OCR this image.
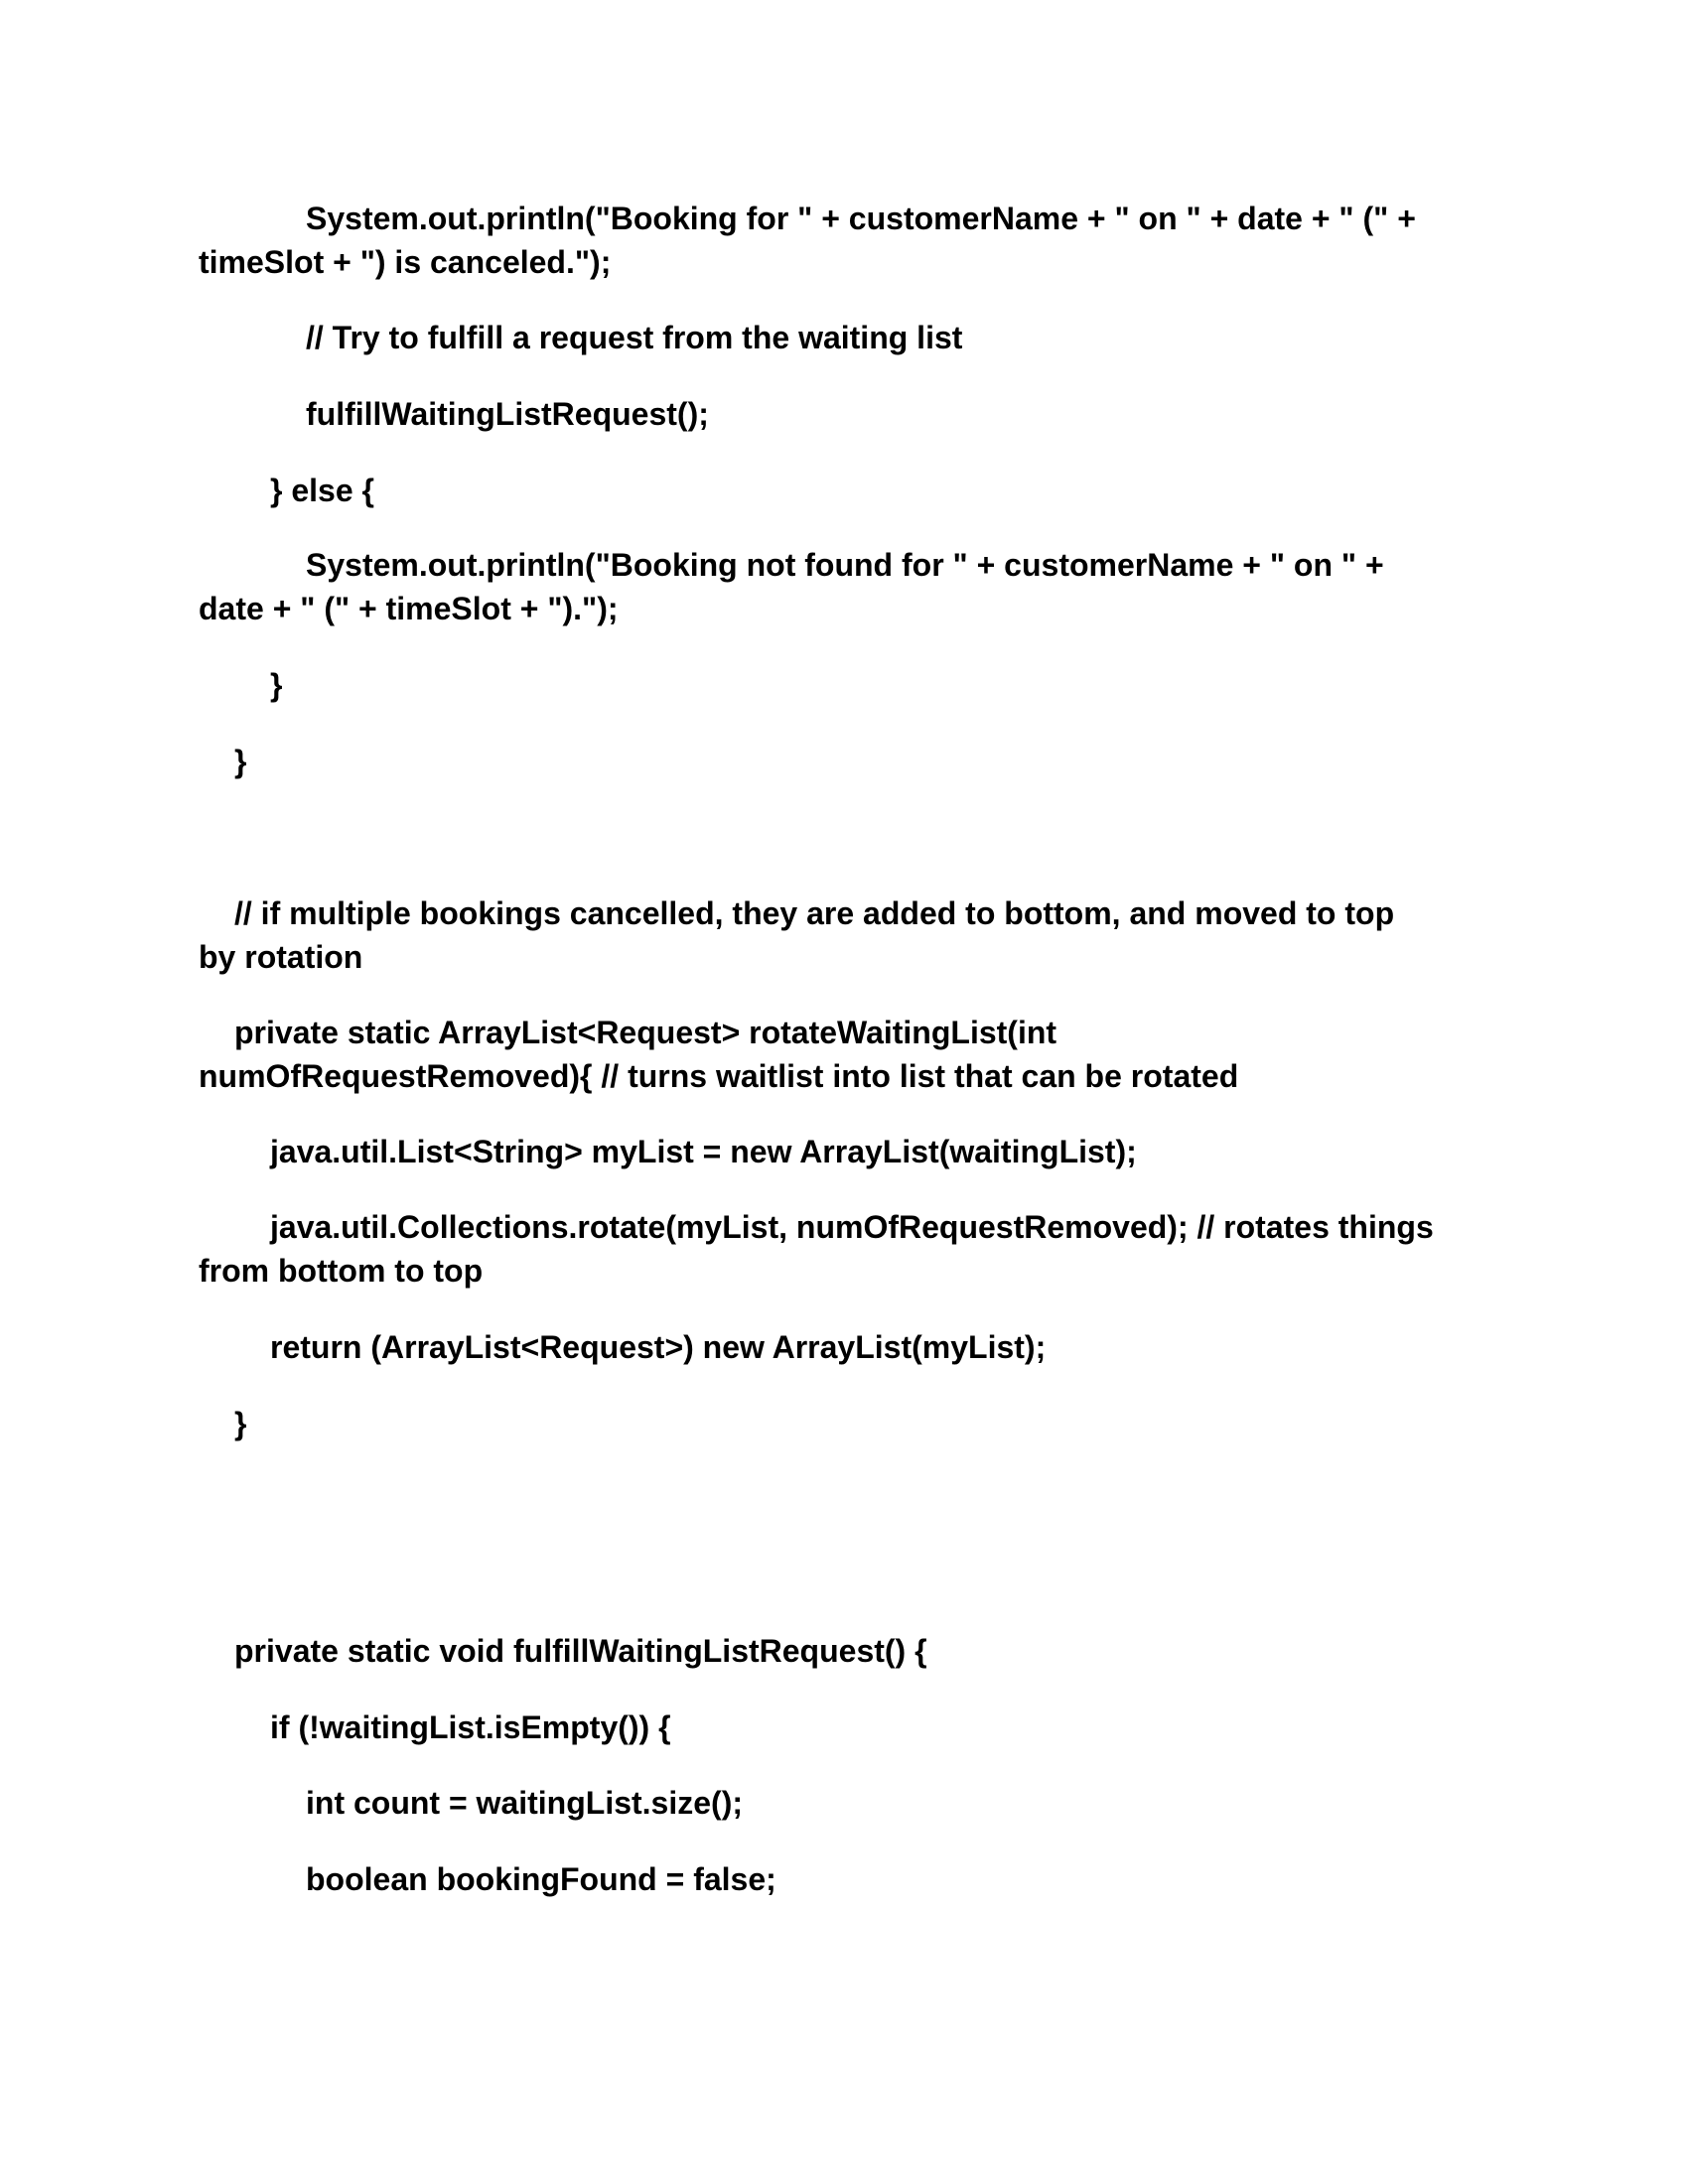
System.out.println("Booking for " + customerName + " on " + date + " (" +
timeSlot + ") is canceled.");
// Try to fulfill a request from the waiting list
fulfillWaitingListRequest();
} else {
System.out.println("Booking not found for " + customerName + " on " +
date + " (" + timeSlot + ").");
}
}
// if multiple bookings cancelled, they are added to bottom, and moved to top
by rotation
private static ArrayList<Request> rotateWaitingList(int
numOfRequestRemoved){ // turns waitlist into list that can be rotated
java.util.List<String> myList = new ArrayList(waitingList);
java.util.Collections.rotate(myList, numOfRequestRemoved); // rotates things
from bottom to top
return (ArrayList<Request>) new ArrayList(myList);
}
private static void fulfillWaitingListRequest() {
if (!waitingList.isEmpty()) {
int count = waitingList.size();
boolean bookingFound = false;
